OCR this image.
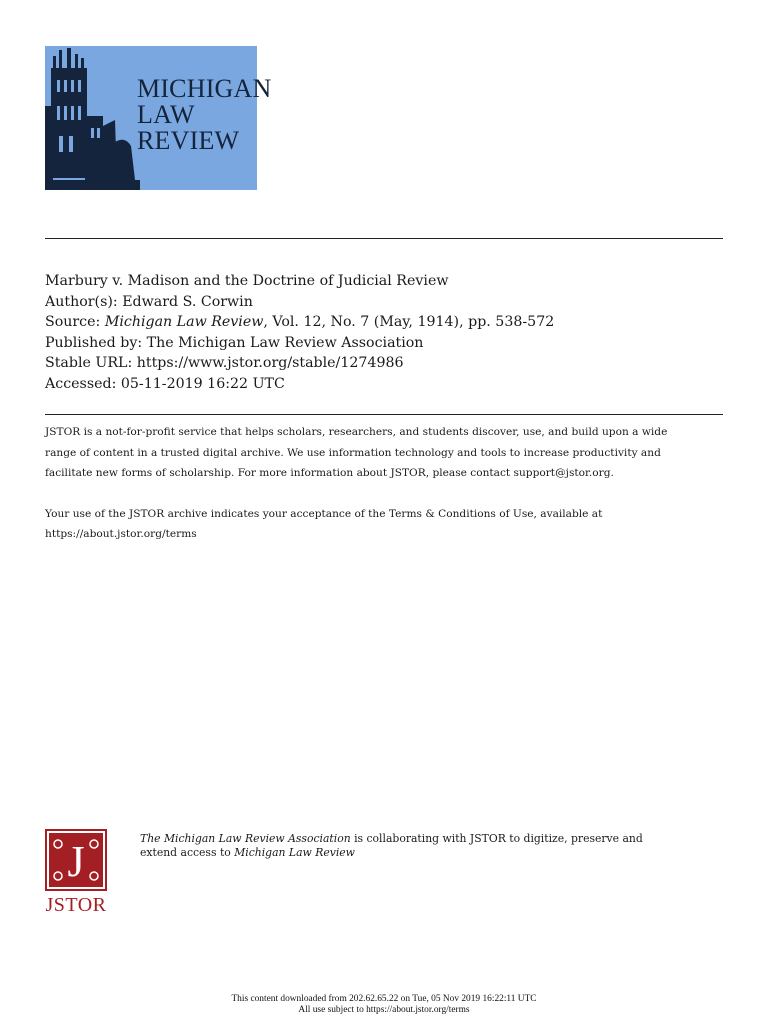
MICHIGAN
LAW REVIEW
Marbury v. Madison and the Doctrine of Judicial Review
Author(s): Edward S. Corwin
Source: Michigan Law Review, Vol. 12, No. 7 (May, 1914), pp. 538-572
Published by: The Michigan Law Review Association
Stable URL: https://www.jstor.org/stable/1274986
Accessed: 05-11-2019 16:22 UTC

JSTOR is a not-for-profit service that helps scholars, researchers, and students discover, use, and build upon a wide
range of content in a trusted digital archive. We use information technology and tools to increase productivity and
facilitate new forms of scholarship. For more information about JSTOR, please contact support@jstor.org.

Your use of the JSTOR archive indicates your acceptance of the Terms & Conditions of Use, available at
https://about.jstor.org/terms

J
JSTOR
The Michigan Law Review Association is collaborating with JSTOR to digitize, preserve and
extend access to Michigan Law Review
This content downloaded from 202.62.65.22 on Tue, 05 Nov 2019 16:22:11 UTC
All use subject to https://about.jstor.org/terms
